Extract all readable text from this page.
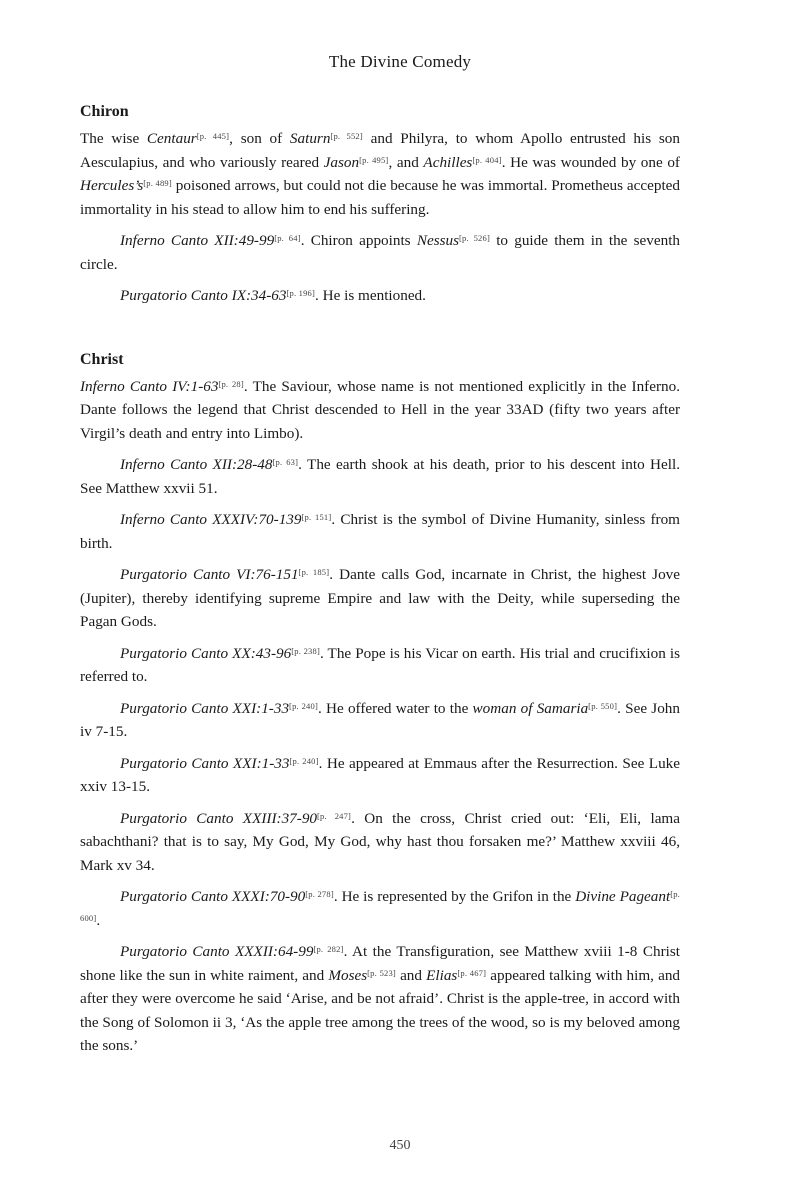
The Divine Comedy
Chiron

The wise Centaur[p. 445], son of Saturn[p. 552] and Philyra, to whom Apollo entrusted his son Aesculapius, and who variously reared Jason[p. 495], and Achilles[p. 404]. He was wounded by one of Hercules’s[p. 489] poisoned arrows, but could not die because he was immortal. Prometheus accepted immortality in his stead to allow him to end his suffering.

Inferno Canto XII:49-99[p. 64]. Chiron appoints Nessus[p. 526] to guide them in the seventh circle.

Purgatorio Canto IX:34-63[p. 196]. He is mentioned.

Christ

Inferno Canto IV:1-63[p. 28]. The Saviour, whose name is not mentioned explicitly in the Inferno. Dante follows the legend that Christ descended to Hell in the year 33AD (fifty two years after Virgil’s death and entry into Limbo).

Inferno Canto XII:28-48[p. 63]. The earth shook at his death, prior to his descent into Hell. See Matthew xxvii 51.

Inferno Canto XXXIV:70-139[p. 151]. Christ is the symbol of Divine Humanity, sinless from birth.

Purgatorio Canto VI:76-151[p. 185]. Dante calls God, incarnate in Christ, the highest Jove (Jupiter), thereby identifying supreme Empire and law with the Deity, while superseding the Pagan Gods.

Purgatorio Canto XX:43-96[p. 238]. The Pope is his Vicar on earth. His trial and crucifixion is referred to.

Purgatorio Canto XXI:1-33[p. 240]. He offered water to the woman of Samaria[p. 550]. See John iv 7-15.

Purgatorio Canto XXI:1-33[p. 240]. He appeared at Emmaus after the Resurrection. See Luke xxiv 13-15.

Purgatorio Canto XXIII:37-90[p. 247]. On the cross, Christ cried out: ‘Eli, Eli, lama sabachthani? that is to say, My God, My God, why hast thou forsaken me?’ Matthew xxviii 46, Mark xv 34.

Purgatorio Canto XXXI:70-90[p. 278]. He is represented by the Grifon in the Divine Pageant[p. 600].

Purgatorio Canto XXXII:64-99[p. 282]. At the Transfiguration, see Matthew xviii 1-8 Christ shone like the sun in white raiment, and Moses[p. 523] and Elias[p. 467] appeared talking with him, and after they were overcome he said ‘Arise, and be not afraid’. Christ is the apple-tree, in accord with the Song of Solomon ii 3, ‘As the apple tree among the trees of the wood, so is my beloved among the sons.’

450
